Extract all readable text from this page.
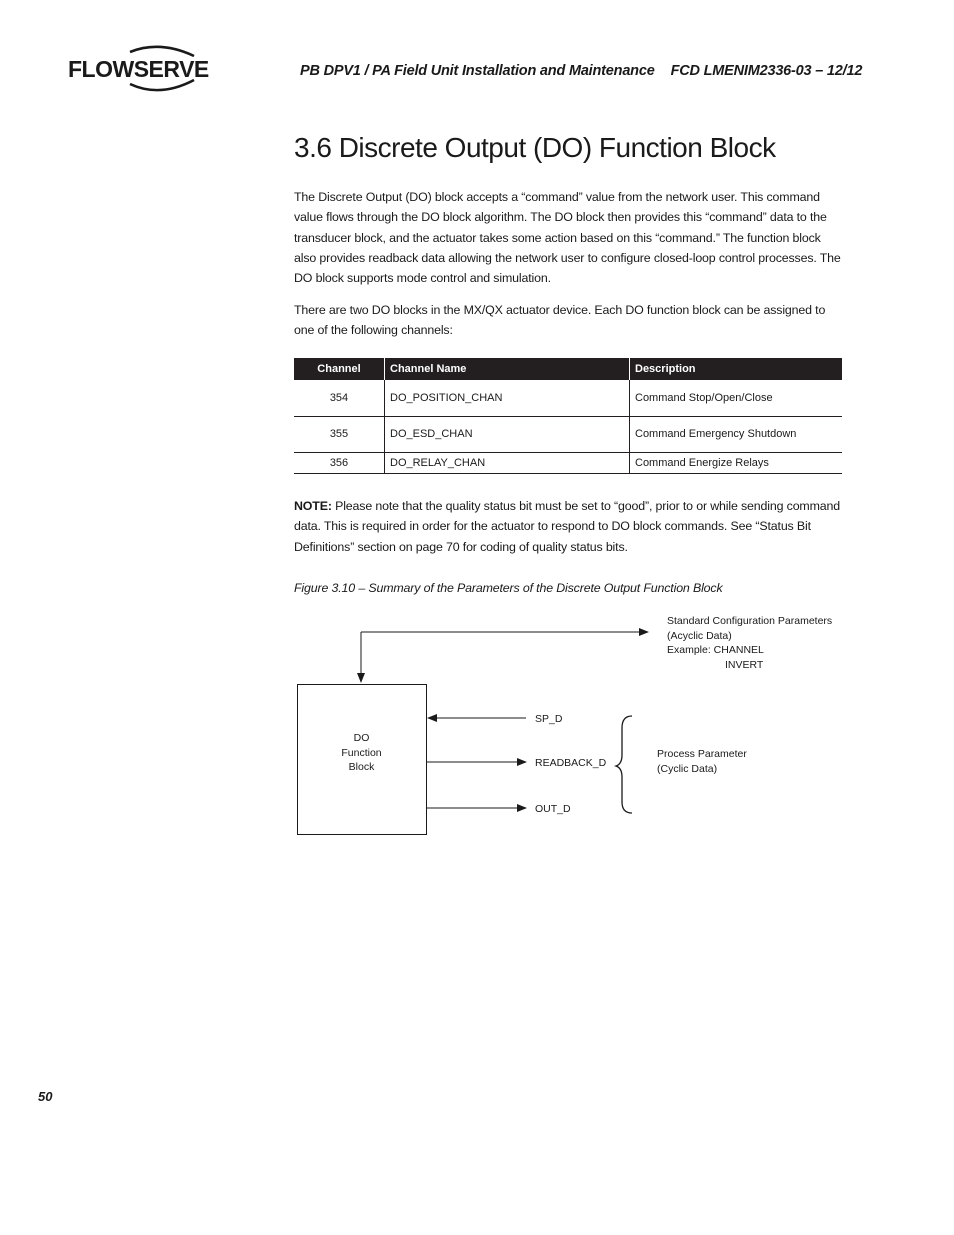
FLOWSERVE	PB DPV1 / PA Field Unit Installation and Maintenance FCD LMENIM2336-03 – 12/12
3.6 Discrete Output (DO) Function Block
The Discrete Output (DO) block accepts a “command” value from the network user. This command value flows through the DO block algorithm. The DO block then provides this “command” data to the transducer block, and the actuator takes some action based on this “command.” The function block also provides readback data allowing the network user to configure closed-loop control processes. The DO block supports mode control and simulation.
There are two DO blocks in the MX/QX actuator device. Each DO function block can be assigned to one of the following channels:
Channel	Channel Name	Description
354	DO_POSITION_CHAN	Command Stop/Open/Close
355	DO_ESD_CHAN	Command Emergency Shutdown
356	DO_RELAY_CHAN	Command Energize Relays
NOTE: Please note that the quality status bit must be set to “good”, prior to or while sending command data. This is required in order for the actuator to respond to DO block commands. See “Status Bit Definitions” section on page 70 for coding of quality status bits.
Figure 3.10 – Summary of the Parameters of the Discrete Output Function Block
DO
Function
Block
Standard Configuration Parameters
(Acyclic Data)
Example: CHANNEL
INVERT
SP_D
READBACK_D
OUT_D
Process Parameter
(Cyclic Data)
50
